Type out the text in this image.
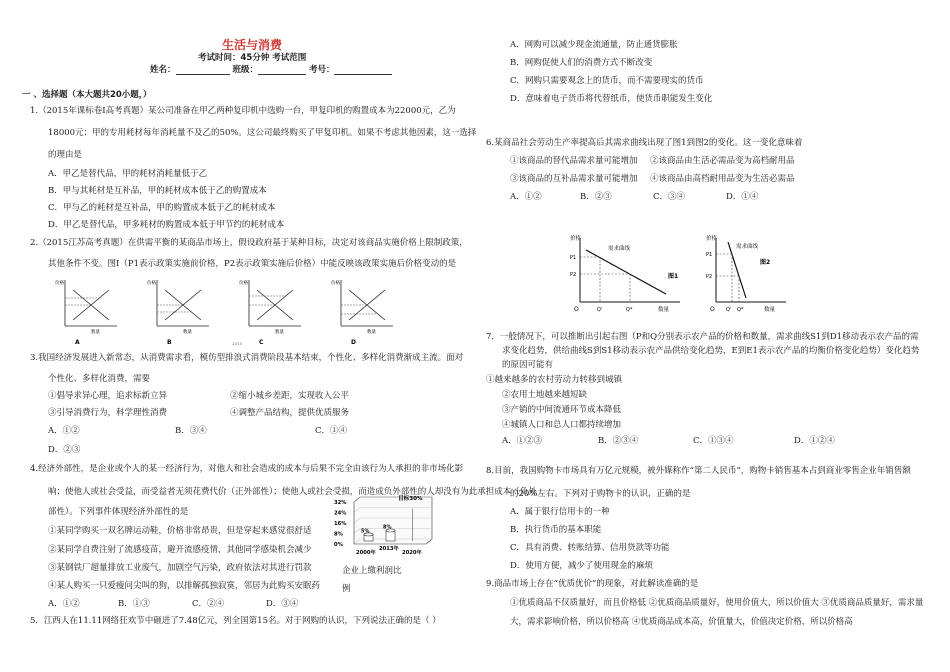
生活与消费
考试时间：45分钟 考试范围
姓名：	班级：	考号：
一 、选择题（本大题共20小题，）
1.（2015年课标卷Ⅰ高考真题）某公司准备在甲乙两种复印机中选购一台，甲复印机的购置成本为22000元，乙为
18000元；甲的专用耗材每年消耗量不及乙的50%。这公司最终购买了甲复印机。如果不考虑其他因素，这一选择
的理由是
A．甲乙是替代品，甲的耗材消耗量低于乙
B．甲与其耗材是互补品，甲的耗材成本低于乙的购置成本
C．甲与乙的耗材是互补品，甲的购置成本低于乙的耗材成本
D．甲乙是替代品，甲多耗材的购置成本低于甲节约的耗材成本
2.（2015江苏高考真题）在供需平衡的某商品市场上，假设政府基于某种目标，决定对该商品实施价格上限制政策，
其他条件不变。图Ⅰ（P1表示政策实施前价格，P2表示政策实施后价格）中能反映该政策实施后价格变动的是
价格
数量
A
价格
数量
B
价格
数量
C
价格
数量
D
2015
3.我国经济发展进入新常态，从消费需求看，模仿型排浪式消费阶段基本结束，个性化、多样化消费渐成主流。面对
个性化、多样化消费，需要
①倡导求异心理，追求标新立异	②缩小城乡差距，实现收入公平
③引导消费行为，科学理性消费	④调整产品结构，提供优质服务
A．①②	B．③④	C．①④
D．②③
4.经济外部性，是企业或个人的某一经济行为，对他人和社会造成的成本与后果不完全由该行为人承担的非市场化影
响；使他人或社会受益，而受益者无须花费代价（正外部性）；使他人或社会受损，而造成负外部性的人却没有为此承担成本（负外
部性）。下列事件体现经济外部性的是
①某同学购买一双名牌运动鞋，价格非常昂贵，但是穿起来感觉很舒适
②某同学自费注射了流感疫苗，避开流感疫情，其他同学感染机会减少
③某钢铁厂超量排放工业废气，加剧空气污染，政府依法对其进行罚款
④某人购买一只爱瘦问尖叫的狗，以排解孤独寂寞，邻居为此购买安眠药
A．①②	B．①③	C．②④	D．③④
32%
24%
16%
8%
0%
5%
2000年
8%
2013年
2020年
目标30%
企业上缴利润比
例
5．江西人在11.11网络狂欢节中砸进了7.48亿元，列全国第15名。对于网购的认识，下列说法正确的是（ ）
A．网购可以减少现金流通量，防止通货膨胀
B．网购促使人们的消费方式不断改变
C．网购只需要观念上的货币，而不需要现实的货币
D．意味着电子货币将代替纸币，使货币职能发生变化
6.某商品社会劳动生产率提高后其需求曲线出现了图1到图2的变化。这一变化意味着
①该商品的替代品需求量可能增加 ②该商品由生活必需品变为高档耐用品
③该商品的互补品需求量可能增加 ④该商品由高档耐用品变为生活必需品
A．①②	B．②③	C．③④	D．①④
价格
P1
P2
O	Q'	Q*	数量
需求曲线
图1
价格
P1
P2
O Q' Q*	数量
需求曲线
图2
7．一般情况下，可以推断出引起右图（P和Q分别表示农产品的价格和数量，需求曲线S1到D1移动表示农产品的需
求变化趋势，供给曲线S到S1移动表示农产品供给变化趋势，E到E1表示农产品的均衡价格变化趋势）变化趋势
的原因可能有
①越来越多的农村劳动力转移到城镇
②农用土地越来越短缺
③产销的中间流通环节成本降低
④城镇人口和总人口都持续增加
A．①②③	B．②③④	C．①③④	D．①②④
8.目前，我国购物卡市场具有万亿元规模，被外媒称作“第二人民币”，购物卡销售基本占到商业零售企业年销售额
的20%左右。下列对于购物卡的认识，正确的是
A．属于银行信用卡的一种
B．执行货币的基本职能
C．具有消费、转账结算、信用贷款等功能
D．使用方便，减少了使用现金的麻烦
9.商品市场上存在“优质优价”的现象，对此解读准确的是
①优质商品不仅质量好，而且价格低 ②优质商品质量好，使用价值大，所以价值大 ③优质商品质量好，需求量
大，需求影响价格，所以价格高 ④优质商品成本高，价值量大，价值决定价格，所以价格高
